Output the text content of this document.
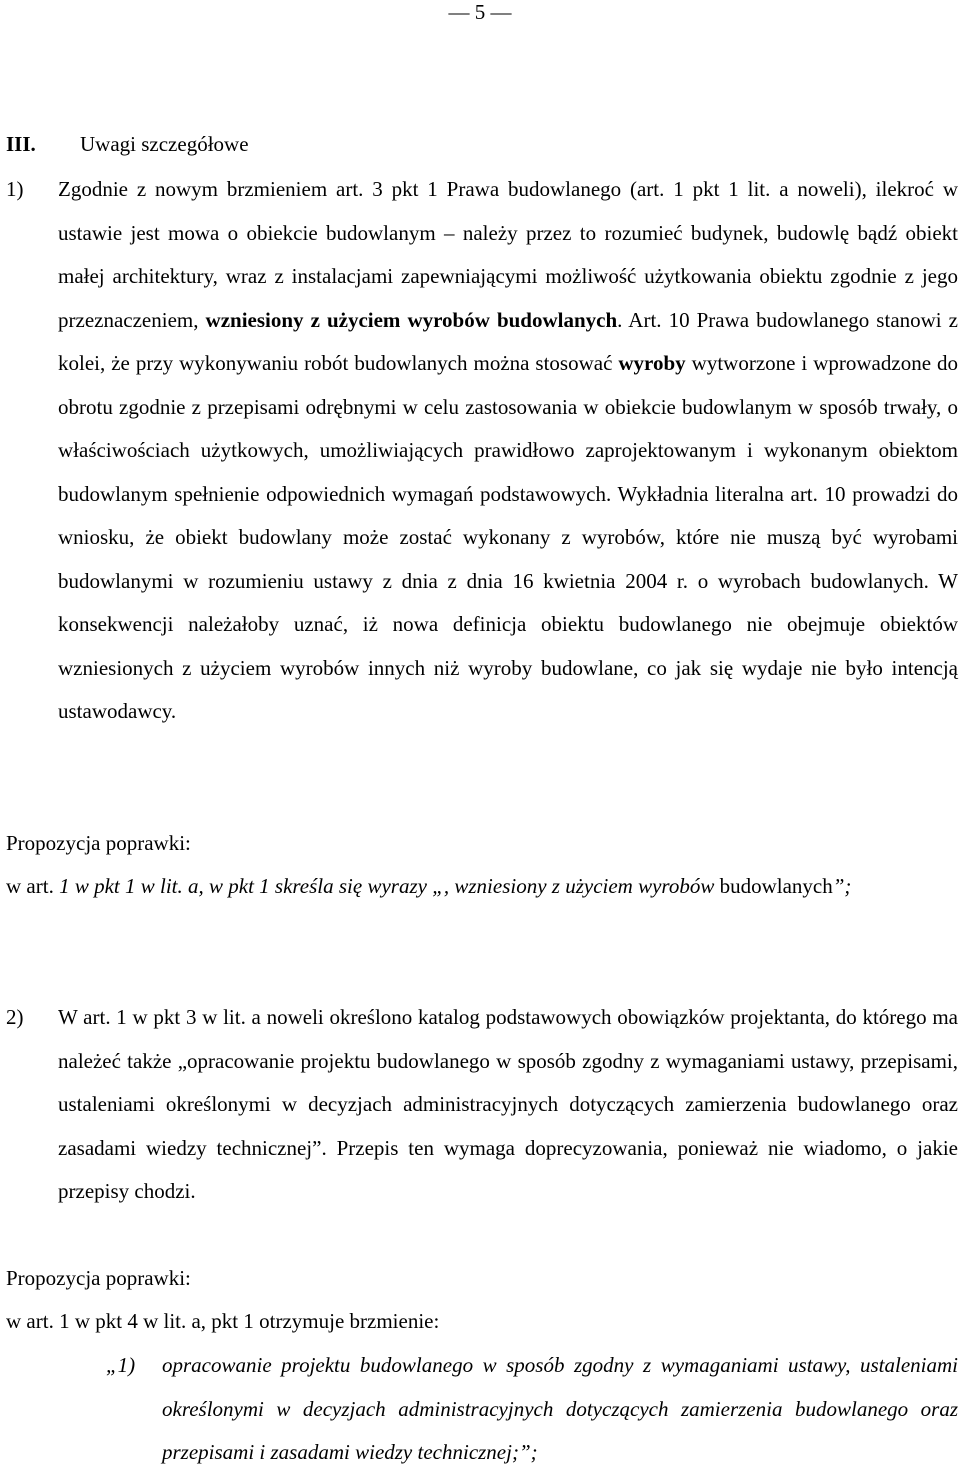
— 5 —
III. Uwagi szczegółowe

1) Zgodnie z nowym brzmieniem art. 3 pkt 1 Prawa budowlanego (art. 1 pkt 1 lit. a noweli), ilekroć w ustawie jest mowa o obiekcie budowlanym – należy przez to rozumieć budynek, budowlę bądź obiekt małej architektury, wraz z instalacjami zapewniającymi możliwość użytkowania obiektu zgodnie z jego przeznaczeniem, wzniesiony z użyciem wyrobów budowlanych. Art. 10 Prawa budowlanego stanowi z kolei, że przy wykonywaniu robót budowlanych można stosować wyroby wytworzone i wprowadzone do obrotu zgodnie z przepisami odrębnymi w celu zastosowania w obiekcie budowlanym w sposób trwały, o właściwościach użytkowych, umożliwiających prawidłowo zaprojektowanym i wykonanym obiektom budowlanym spełnienie odpowiednich wymagań podstawowych. Wykładnia literalna art. 10 prowadzi do wniosku, że obiekt budowlany może zostać wykonany z wyrobów, które nie muszą być wyrobami budowlanymi w rozumieniu ustawy z dnia z dnia 16 kwietnia 2004 r. o wyrobach budowlanych. W konsekwencji należałoby uznać, iż nowa definicja obiektu budowlanego nie obejmuje obiektów wzniesionych z użyciem wyrobów innych niż wyroby budowlane, co jak się wydaje nie było intencją ustawodawcy.

Propozycja poprawki:

w art. 1 w pkt 1 w lit. a, w pkt 1 skreśla się wyrazy „, wzniesiony z użyciem wyrobów budowlanych”;

2) W art. 1 w pkt 3 w lit. a noweli określono katalog podstawowych obowiązków projektanta, do którego ma należeć także „opracowanie projektu budowlanego w sposób zgodny z wymaganiami ustawy, przepisami, ustaleniami określonymi w decyzjach administracyjnych dotyczących zamierzenia budowlanego oraz zasadami wiedzy technicznej”. Przepis ten wymaga doprecyzowania, ponieważ nie wiadomo, o jakie przepisy chodzi.

Propozycja poprawki:

w art. 1 w pkt 4 w lit. a, pkt 1 otrzymuje brzmienie:

„1) opracowanie projektu budowlanego w sposób zgodny z wymaganiami ustawy, ustaleniami określonymi w decyzjach administracyjnych dotyczących zamierzenia budowlanego oraz przepisami i zasadami wiedzy technicznej;”;
